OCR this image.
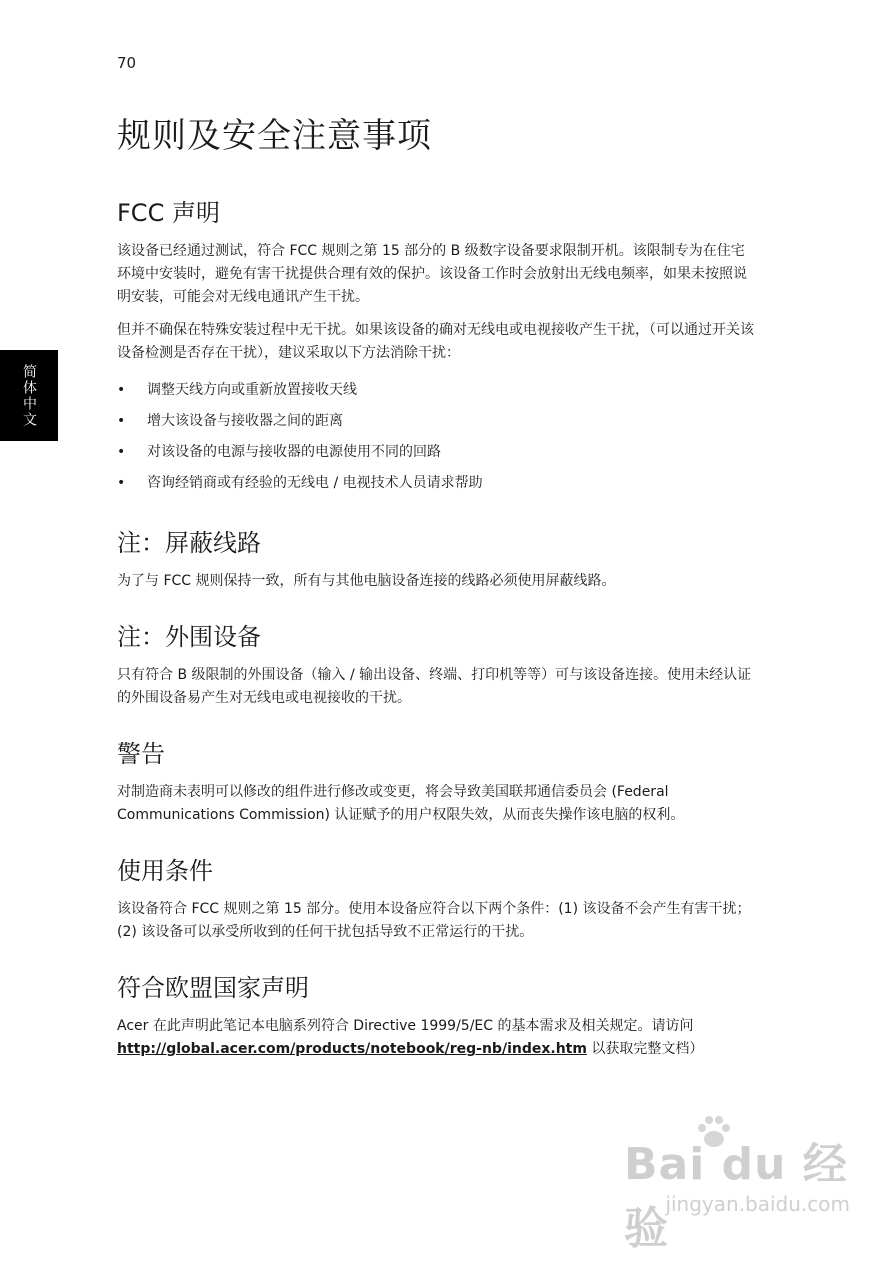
70
简体中文
规则及安全注意事项
FCC 声明

该设备已经通过测试，符合 FCC 规则之第 15 部分的 B 级数字设备要求限制开机。该限制专为在住宅环境中安装时，避免有害干扰提供合理有效的保护。该设备工作时会放射出无线电频率，如果未按照说明安装，可能会对无线电通讯产生干扰。

但并不确保在特殊安装过程中无干扰。如果该设备的确对无线电或电视接收产生干扰，（可以通过开关该设备检测是否存在干扰），建议采取以下方法消除干扰：

• 调整天线方向或重新放置接收天线
• 增大该设备与接收器之间的距离
• 对该设备的电源与接收器的电源使用不同的回路
• 咨询经销商或有经验的无线电 / 电视技术人员请求帮助
注：屏蔽线路

为了与 FCC 规则保持一致，所有与其他电脑设备连接的线路必须使用屏蔽线路。

注：外围设备

只有符合 B 级限制的外围设备（输入 / 输出设备、终端、打印机等等）可与该设备连接。使用未经认证的外围设备易产生对无线电或电视接收的干扰。

警告

对制造商未表明可以修改的组件进行修改或变更，将会导致美国联邦通信委员会 (Federal Communications Commission) 认证赋予的用户权限失效，从而丧失操作该电脑的权利。

使用条件

该设备符合 FCC 规则之第 15 部分。使用本设备应符合以下两个条件：(1) 该设备不会产生有害干扰； (2) 该设备可以承受所收到的任何干扰包括导致不正常运行的干扰。

符合欧盟国家声明

Acer 在此声明此笔记本电脑系列符合 Directive 1999/5/EC 的基本需求及相关规定。请访问 http://global.acer.com/products/notebook/reg-nb/index.htm 以获取完整文档）

Bai du 经验
jingyan.baidu.com
